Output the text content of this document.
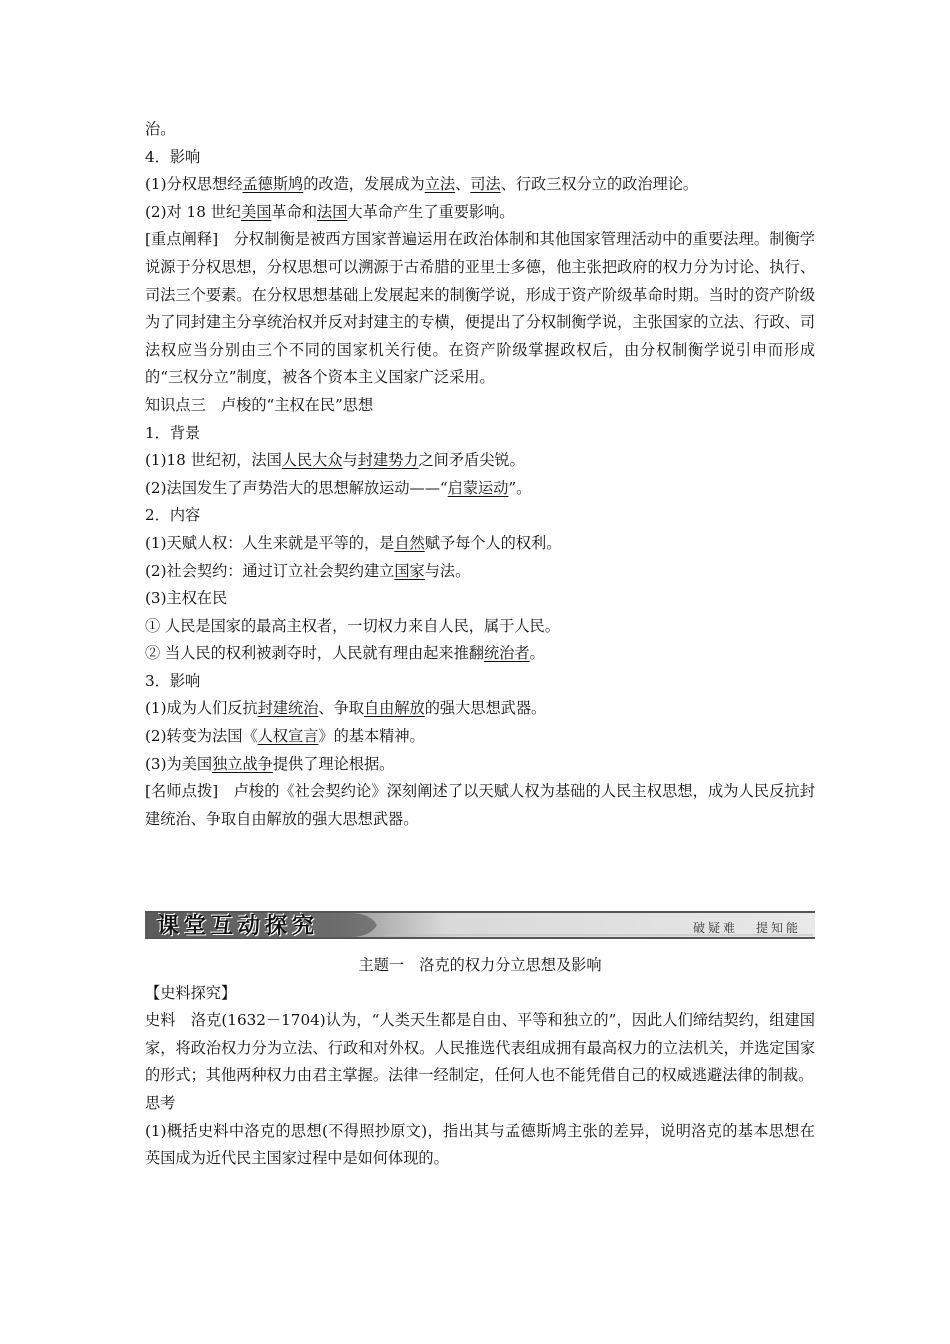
治。
4．影响
(1)分权思想经孟德斯鸠的改造，发展成为立法、司法、行政三权分立的政治理论。
(2)对 18 世纪美国革命和法国大革命产生了重要影响。
[重点阐释]　分权制衡是被西方国家普遍运用在政治体制和其他国家管理活动中的重要法理。制衡学说源于分权思想，分权思想可以溯源于古希腊的亚里士多德，他主张把政府的权力分为讨论、执行、司法三个要素。在分权思想基础上发展起来的制衡学说，形成于资产阶级革命时期。当时的资产阶级为了同封建主分享统治权并反对封建主的专横，便提出了分权制衡学说，主张国家的立法、行政、司法权应当分别由三个不同的国家机关行使。在资产阶级掌握政权后，由分权制衡学说引申而形成的“三权分立”制度，被各个资本主义国家广泛采用。
知识点三　卢梭的“主权在民”思想
1．背景
(1)18 世纪初，法国人民大众与封建势力之间矛盾尖锐。
(2)法国发生了声势浩大的思想解放运动——“启蒙运动”。
2．内容
(1)天赋人权：人生来就是平等的，是自然赋予每个人的权利。
(2)社会契约：通过订立社会契约建立国家与法。
(3)主权在民
① 人民是国家的最高主权者，一切权力来自人民，属于人民。
② 当人民的权利被剥夺时，人民就有理由起来推翻统治者。
3．影响
(1)成为人们反抗封建统治、争取自由解放的强大思想武器。
(2)转变为法国《人权宣言》的基本精神。
(3)为美国独立战争提供了理论根据。
[名师点拨]　卢梭的《社会契约论》深刻阐述了以天赋人权为基础的人民主权思想，成为人民反抗封建统治、争取自由解放的强大思想武器。
课堂互动探究	破疑难 提知能
主题一　洛克的权力分立思想及影响
【史料探究】
史料　洛克(1632－1704)认为，“人类天生都是自由、平等和独立的”，因此人们缔结契约，组建国家，将政治权力分为立法、行政和对外权。人民推选代表组成拥有最高权力的立法机关，并选定国家的形式；其他两种权力由君主掌握。法律一经制定，任何人也不能凭借自己的权威逃避法律的制裁。
思考
(1)概括史料中洛克的思想(不得照抄原文)，指出其与孟德斯鸠主张的差异，说明洛克的基本思想在英国成为近代民主国家过程中是如何体现的。
